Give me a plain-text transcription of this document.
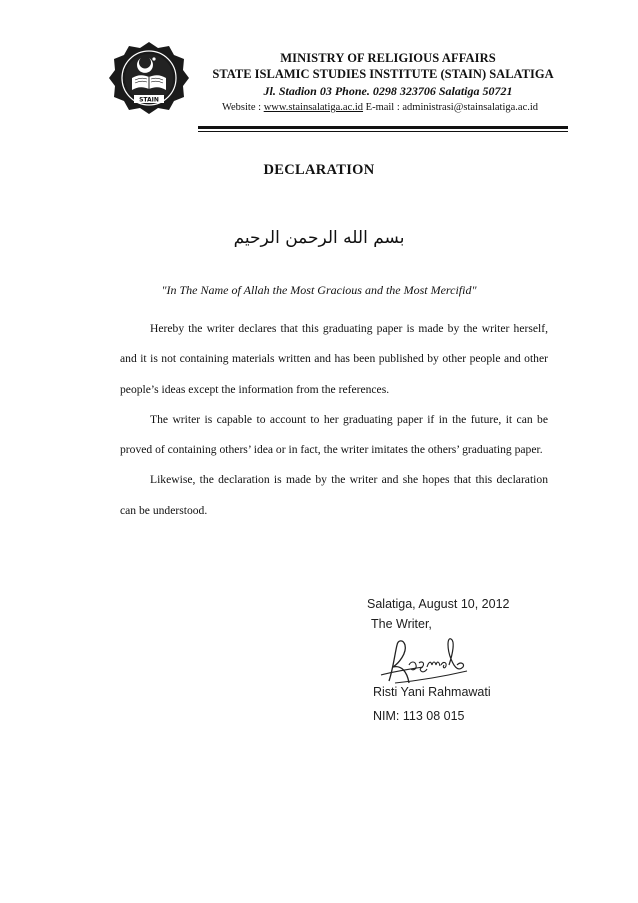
STAIN
MINISTRY OF RELIGIOUS AFFAIRS
STATE ISLAMIC STUDIES INSTITUTE (STAIN) SALATIGA
Jl. Stadion 03 Phone. 0298 323706 Salatiga 50721
Website : www.stainsalatiga.ac.id E-mail : administrasi@stainsalatiga.ac.id
DECLARATION
بسم الله الرحمن الرحيم
"In The Name of Allah the Most Gracious and the Most Mercifid"

Hereby the writer declares that this graduating paper is made by the writer herself, and it is not containing materials written and has been published by other people and other people’s ideas except the information from the references.

The writer is capable to account to her graduating paper if in the future, it can be proved of containing others’ idea or in fact, the writer imitates the others’ graduating paper.

Likewise, the declaration is made by the writer and she hopes that this declaration can be understood.

Salatiga, August 10, 2012
The Writer,
Risti Yani Rahmawati
NIM: 113 08 015
